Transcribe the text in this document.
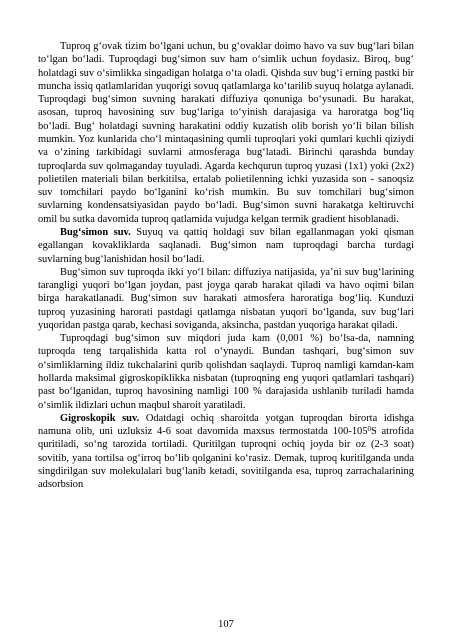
Tuproq g‘ovak tizim bo‘lgani uchun, bu g‘ovaklar doimo havo va suv bug‘lari bilan to‘lgan bo‘ladi. Tuproqdagi bug‘simon suv ham o‘simlik uchun foydasiz. Biroq, bug‘ holatdagi suv o‘simlikka singadigan holatga o‘ta oladi. Qishda suv bug‘i erning pastki bir muncha issiq qatlamlaridan yuqorigi sovuq qatlamlarga ko‘tarilib suyuq holatga aylanadi. Tuproqdagi bug‘simon suvning harakati diffuziya qonuniga bo‘ysunadi. Bu harakat, asosan, tuproq havosining suv bug‘lariga to‘yinish darajasiga va haroratga bog‘liq bo‘ladi. Bug‘ holatdagi suvning harakatini oddiy kuzatish olib borish yo‘li bilan bilish mumkin. Yoz kunlarida cho‘l mintaqasining qumli tuproqlari yoki qumlari kuchli qiziydi va o‘zining tarkibidagi suvlarni atmosferaga bug‘latadi. Birinchi qarashda bunday tuproqlarda suv qolmaganday tuyuladi. Agarda kechqurun tuproq yuzasi (1x1) yoki (2x2) polietilen materiali bilan berkitilsa, ertalab polietilenning ichki yuzasida son - sanoqsiz suv tomchilari paydo bo‘lganini ko‘rish mumkin. Bu suv tomchilari bug‘simon suvlarning kondensatsiyasidan paydo bo‘ladi. Bug‘simon suvni harakatga keltiruvchi omil bu sutka davomida tuproq qatlamida vujudga kelgan termik gradient hisoblanadi.

Bug‘simon suv. Suyuq va qattiq holdagi suv bilan egallanmagan yoki qisman egallangan kovakliklarda saqlanadi. Bug‘simon nam tuproqdagi barcha turdagi suvlarning bug‘lanishidan hosil bo‘ladi.

Bug‘simon suv tuproqda ikki yo‘l bilan: diffuziya natijasida, ya’ni suv bug‘larining tarangligi yuqori bo‘lgan joydan, past joyga qarab harakat qiladi va havo oqimi bilan birga harakatlanadi. Bug‘simon suv harakati atmosfera haroratiga bog‘liq. Kunduzi tuproq yuzasining harorati pastdagi qatlamga nisbatan yuqori bo‘lganda, suv bug‘lari yuqoridan pastga qarab, kechasi soviganda, aksincha, pastdan yuqoriga harakat qiladi.

Tuproqdagi bug‘simon suv miqdori juda kam (0,001 %) bo‘lsa-da, namning tuproqda teng tarqalishida katta rol o‘ynaydi. Bundan tashqari, bug‘simon suv o‘simliklarning ildiz tukchalarini qurib qolishdan saqlaydi. Tuproq namligi kamdan-kam hollarda maksimal gigroskopiklikka nisbatan (tuproqning eng yuqori qatlamlari tashqari) past bo‘lganidan, tuproq havosining namligi 100 % darajasida ushlanib turiladi hamda o‘simlik ildizlari uchun maqbul sharoit yaratiladi.

Gigroskopik suv. Odatdagi ochiq sharoitda yotgan tuproqdan birorta idishga namuna olib, uni uzluksiz 4-6 soat davomida maxsus termostatda $100-105^0S$ atrofida quritiladi, so‘ng tarozida tortiladi. Quritilgan tuproqni ochiq joyda bir oz (2-3 soat) sovitib, yana tortilsa og‘irroq bo‘lib qolganini ko‘rasiz. Demak, tuproq kuritilganda unda singdirilgan suv molekulalari bug‘lanib ketadi, sovitilganda esa, tuproq zarrachalarining adsorbsion

107
